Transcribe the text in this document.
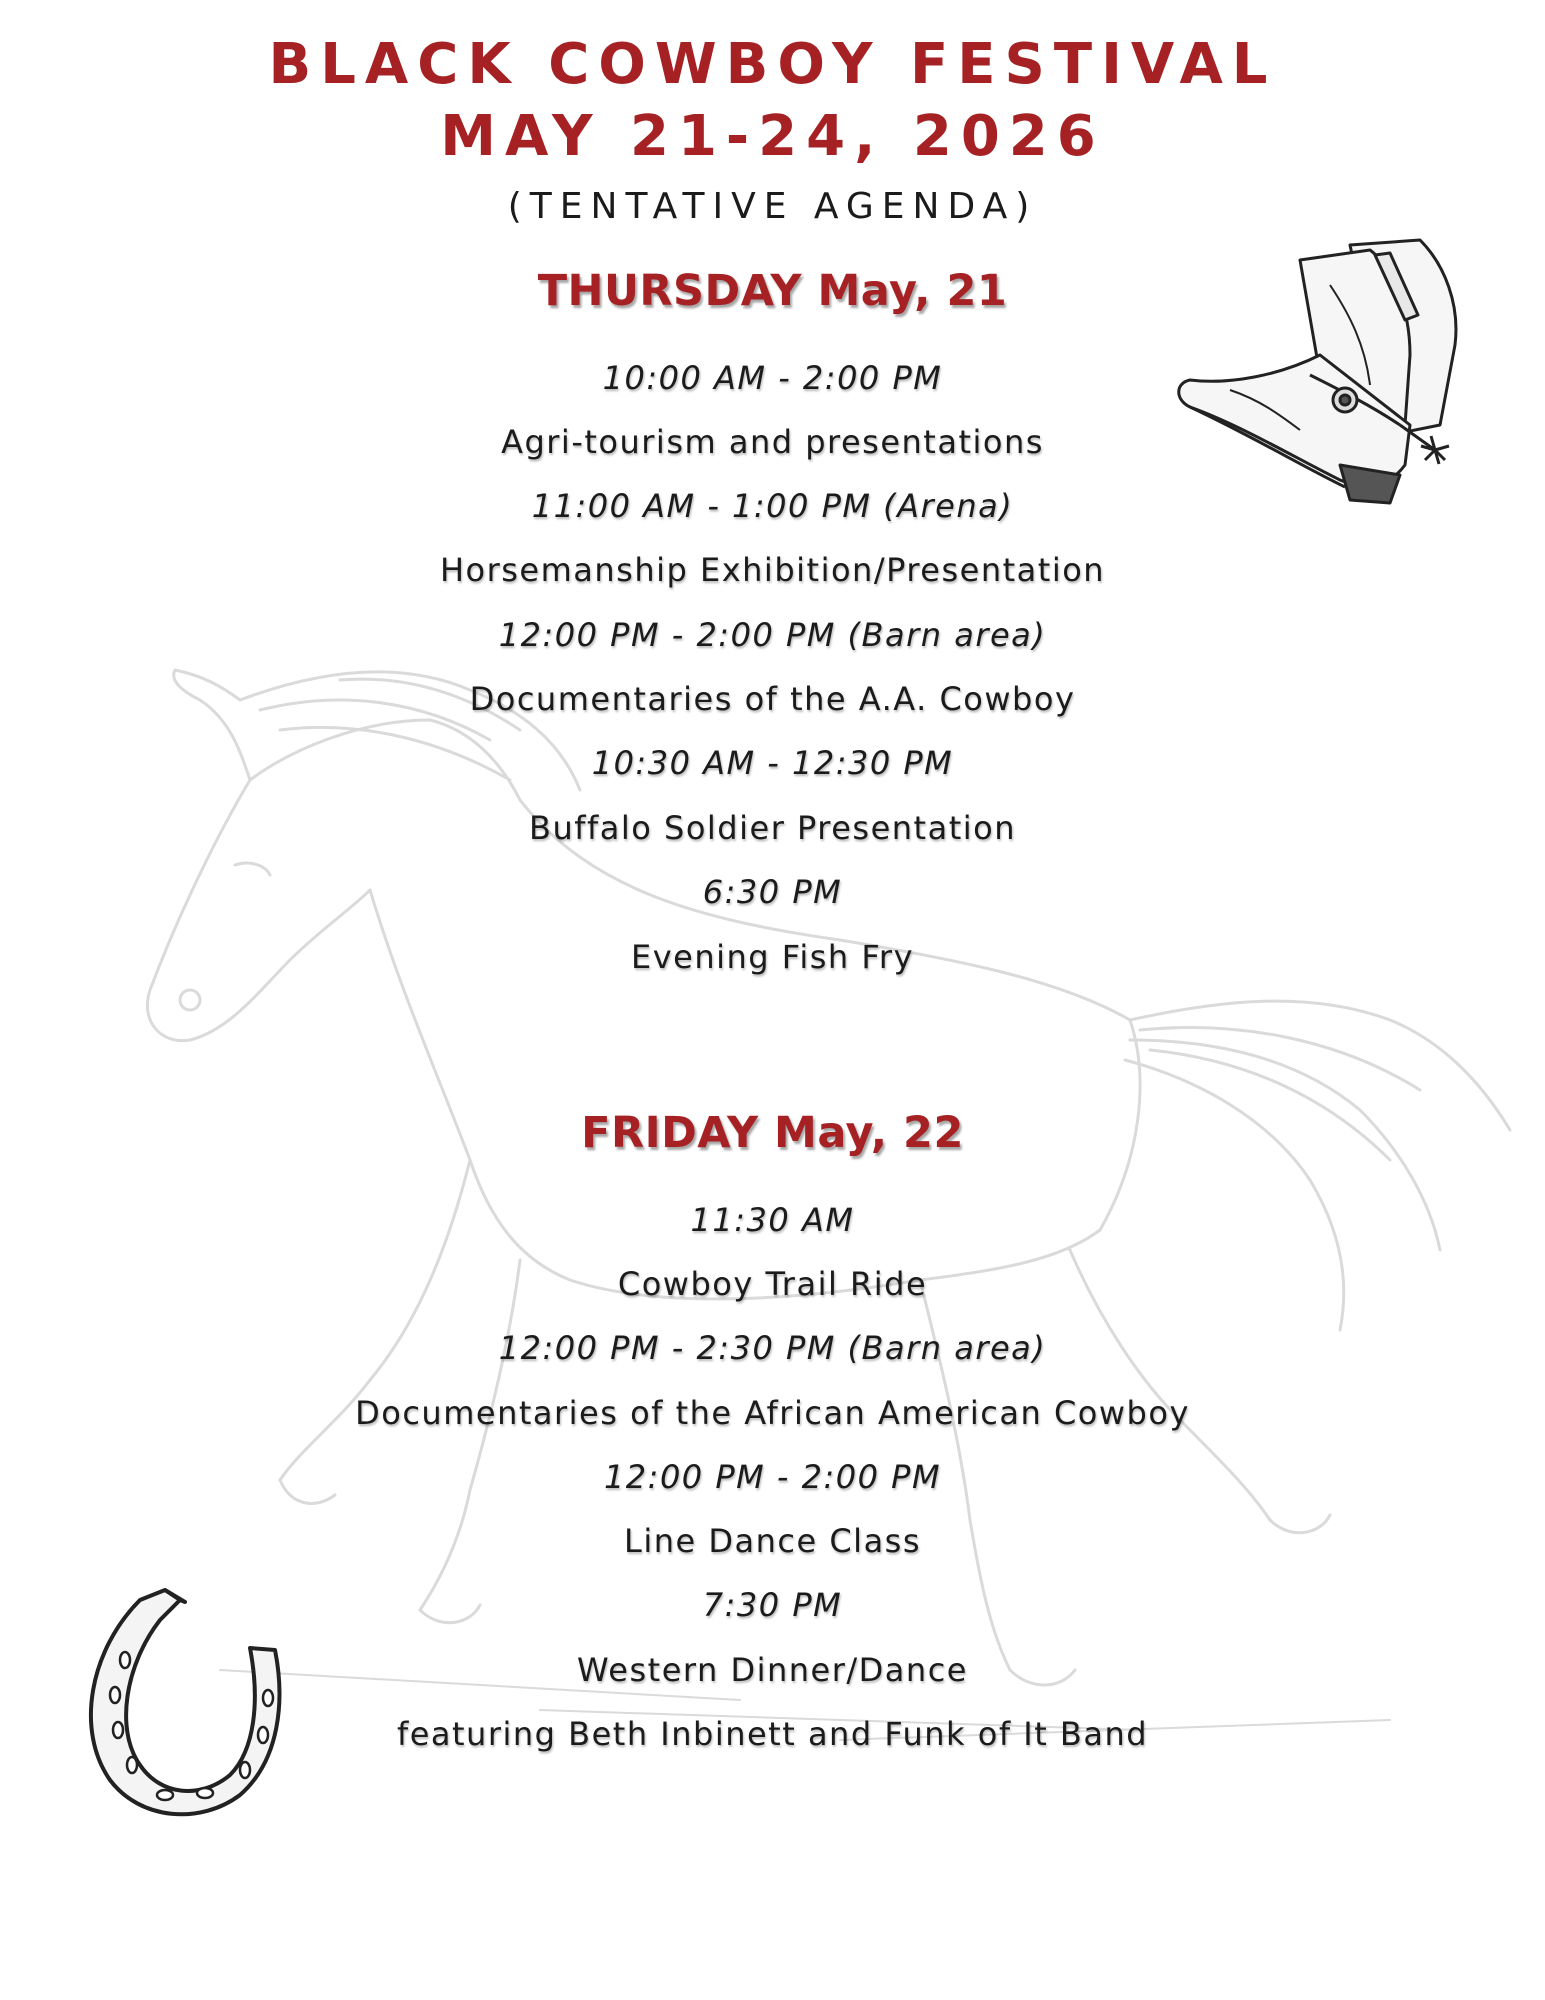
BLACK COWBOY FESTIVAL
MAY 21-24, 2026
(TENTATIVE AGENDA)
THURSDAY May, 21
10:00 AM - 2:00 PM
Agri-tourism and presentations
11:00 AM - 1:00 PM (Arena)
Horsemanship Exhibition/Presentation
12:00 PM - 2:00 PM (Barn area)
Documentaries of the A.A. Cowboy
10:30 AM - 12:30 PM
Buffalo Soldier Presentation
6:30 PM
Evening Fish Fry
FRIDAY May, 22
11:30 AM
Cowboy Trail Ride
12:00 PM - 2:30 PM (Barn area)
Documentaries of the African American Cowboy
12:00 PM - 2:00 PM
Line Dance Class
7:30 PM
Western Dinner/Dance
featuring Beth Inbinett and Funk of It Band
